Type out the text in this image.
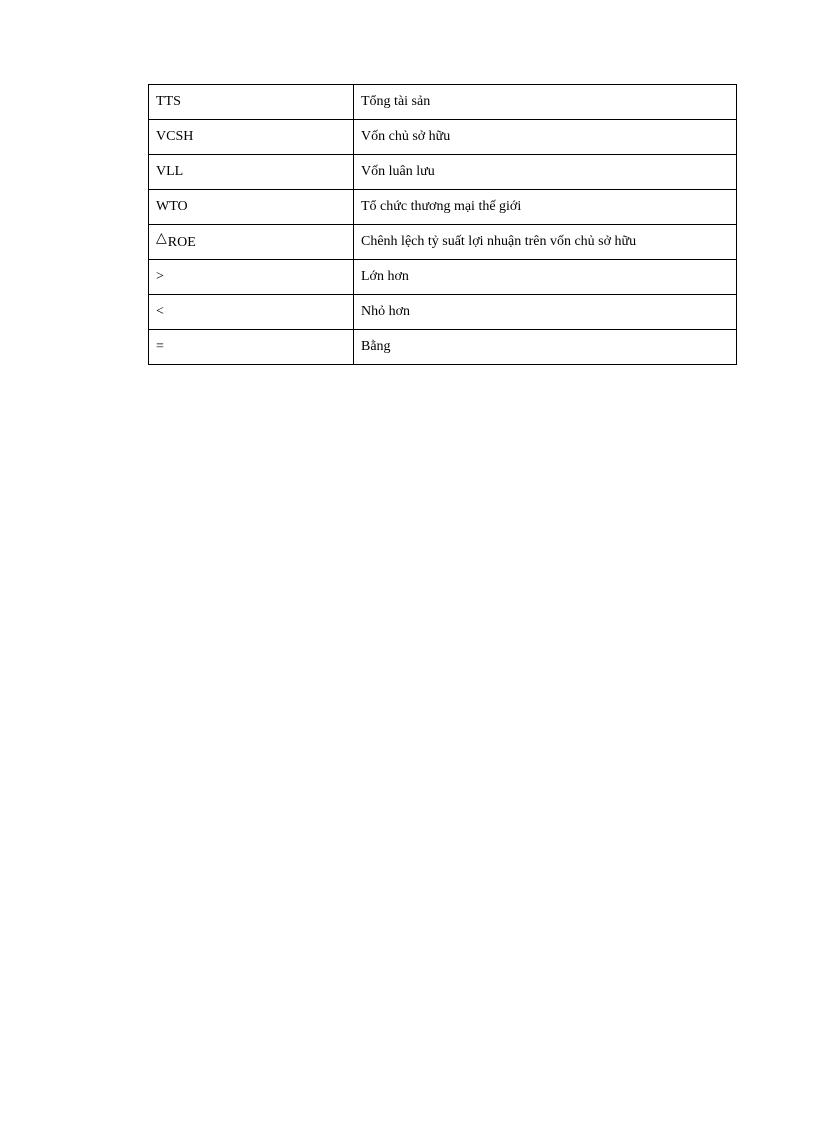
TTS	Tổng tài sản
VCSH	Vốn chủ sở hữu
VLL	Vốn luân lưu
WTO	Tổ chức thương mại thế giới
△ROE	Chênh lệch tỷ suất lợi nhuận trên vốn chủ sở hữu
>	Lớn hơn
<	Nhỏ hơn
=	Bằng
